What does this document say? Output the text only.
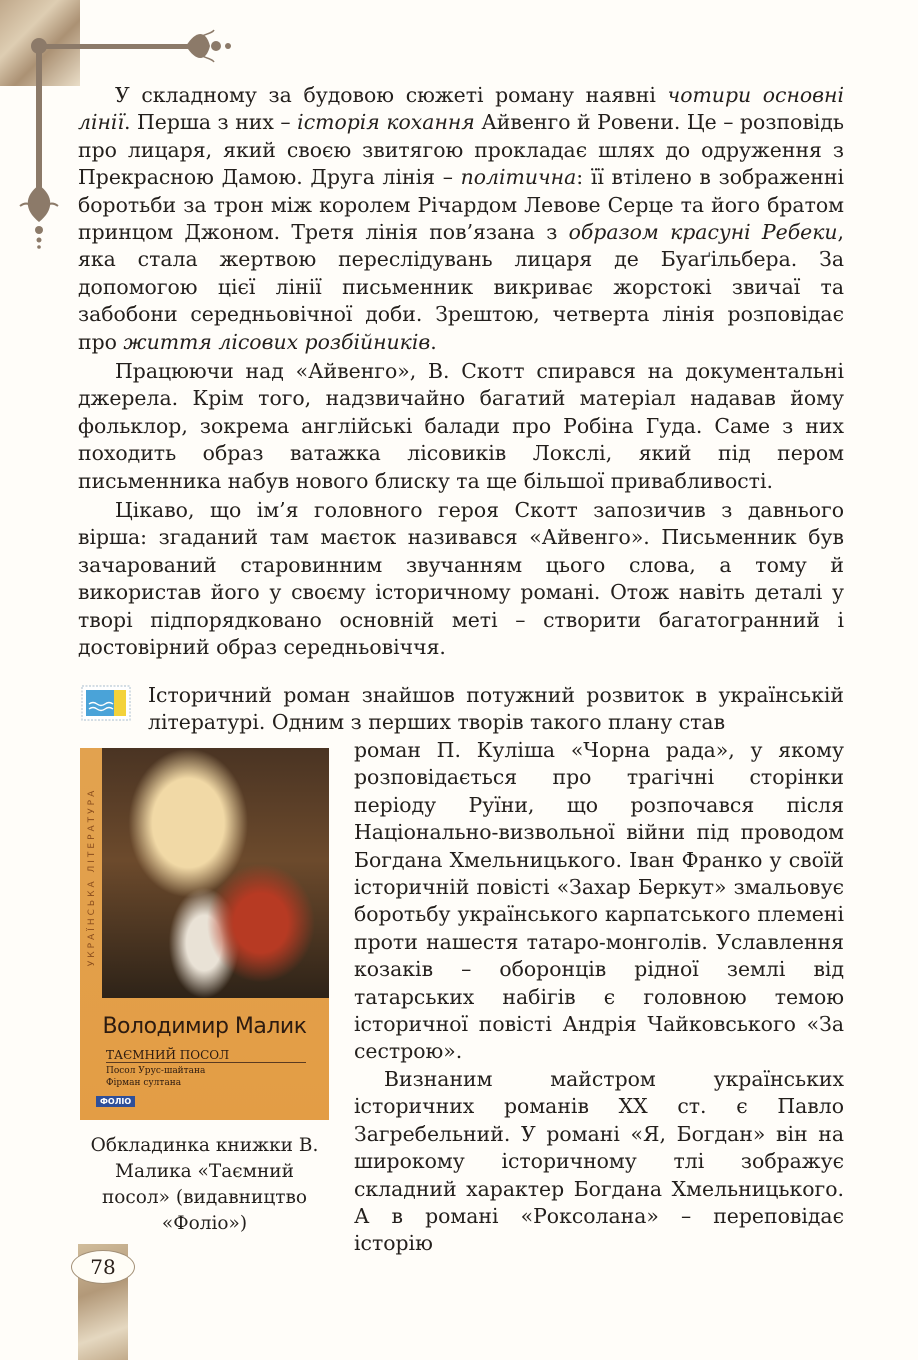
У складному за будовою сюжеті роману наявні чотири основні лінії. Перша з них – історія кохання Айвенго й Ровени. Це – розповідь про лицаря, який своєю звитягою прокладає шлях до одруження з Прекрасною Дамою. Друга лінія – політична: її втілено в зображенні боротьби за трон між королем Річардом Левове Серце та його братом принцом Джоном. Третя лінія пов’язана з образом красуні Ребеки, яка стала жертвою переслідувань лицаря де Буаґільбера. За допомогою цієї лінії письменник викриває жорстокі звичаї та забобони середньовічної доби. Зрештою, четверта лінія розповідає про життя лісових розбійників.

Працюючи над «Айвенго», В. Скотт спирався на документальні джерела. Крім того, надзвичайно багатий матеріал надавав йому фольклор, зокрема англійські балади про Робіна Гуда. Саме з них походить образ ватажка лісовиків Локслі, який під пером письменника набув нового блиску та ще більшої привабливості.

Цікаво, що ім’я головного героя Скотт запозичив з давнього вірша: згаданий там маєток називався «Айвенго». Письменник був зачарований старовинним звучанням цього слова, а тому й використав його у своєму історичному романі. Отож навіть деталі у творі підпорядковано основній меті – створити багатогранний і достовірний образ середньовіччя.

Історичний роман знайшов потужний розвиток в українській літературі. Одним з перших творів такого плану став

УКРАЇНСЬКА ЛІТЕРАТУРА
Володимир Малик
ТАЄМНИЙ ПОСОЛ
Посол Урус-шайтана
Фірман султана
ФОЛІО

роман П. Куліша «Чорна рада», у якому розповідається про трагічні сторінки періоду Руїни, що розпочався після Національно-визвольної війни під проводом Богдана Хмельницького. Іван Франко у своїй історичній повісті «Захар Беркут» змальовує боротьбу українського карпатського племені проти нашестя татаро-монголів. Уславлення козаків – оборонців рідної землі від татарських набігів є головною темою історичної повісті Андрія Чайковського «За сестрою».

Обкладинка книжки В. Малика «Таємний посол» (видавництво «Фоліо»)

Визнаним майстром українських історичних романів XX ст. є Павло Загребельний. У романі «Я, Богдан» він на широкому історичному тлі зображує складний характер Богдана Хмельницького. А в романі «Роксолана» – переповідає історію

78
